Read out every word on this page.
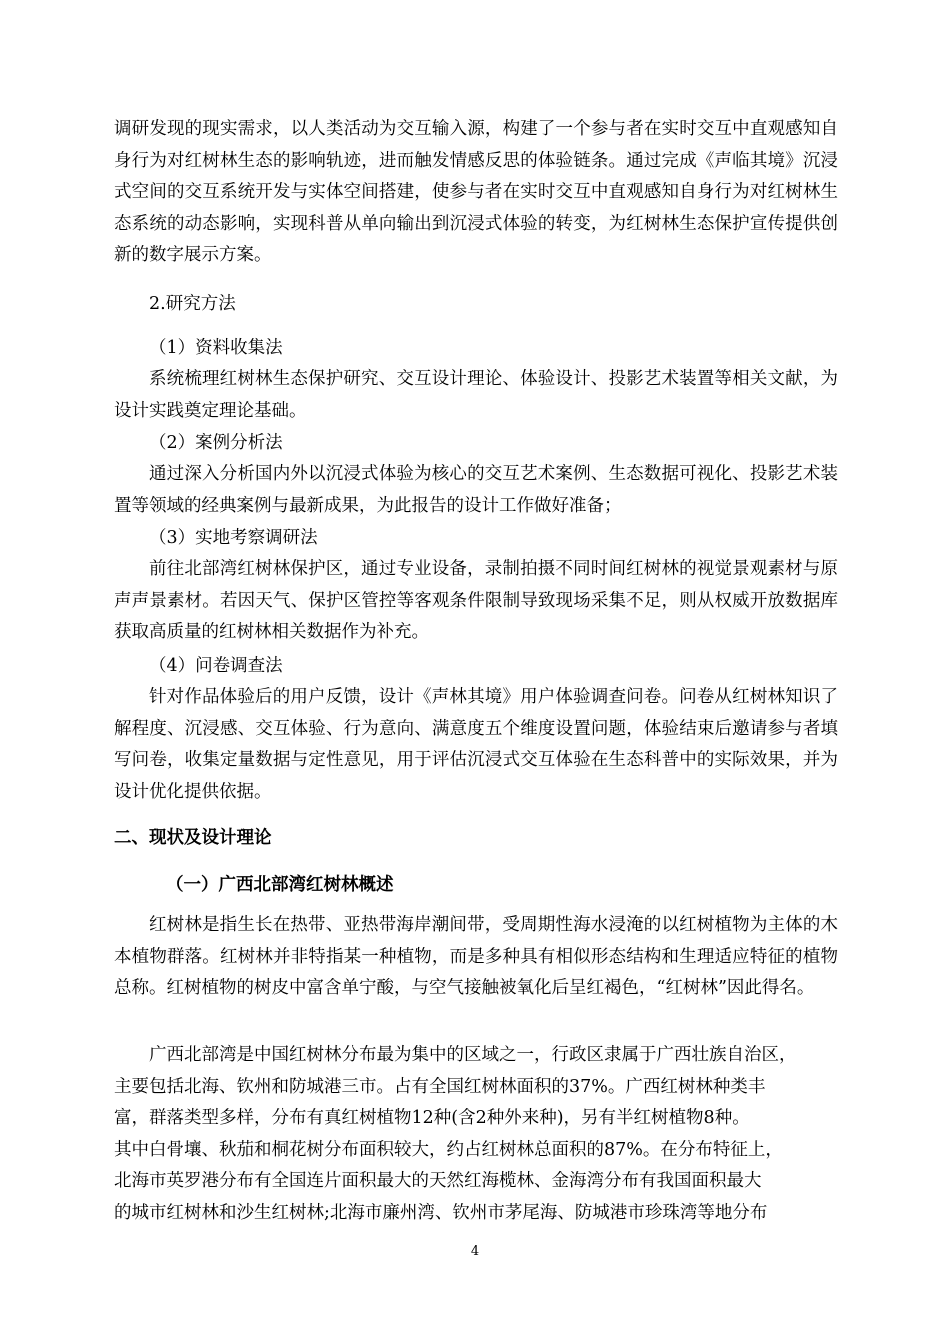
调研发现的现实需求，以人类活动为交互输入源，构建了一个参与者在实时交互中直观感知自身行为对红树林生态的影响轨迹，进而触发情感反思的体验链条。通过完成《声临其境》沉浸式空间的交互系统开发与实体空间搭建，使参与者在实时交互中直观感知自身行为对红树林生态系统的动态影响，实现科普从单向输出到沉浸式体验的转变，为红树林生态保护宣传提供创新的数字展示方案。

2.研究方法

（1）资料收集法

系统梳理红树林生态保护研究、交互设计理论、体验设计、投影艺术装置等相关文献，为设计实践奠定理论基础。

（2）案例分析法

通过深入分析国内外以沉浸式体验为核心的交互艺术案例、生态数据可视化、投影艺术装置等领域的经典案例与最新成果，为此报告的设计工作做好准备；

（3）实地考察调研法

前往北部湾红树林保护区，通过专业设备，录制拍摄不同时间红树林的视觉景观素材与原声声景素材。若因天气、保护区管控等客观条件限制导致现场采集不足，则从权威开放数据库获取高质量的红树林相关数据作为补充。

（4）问卷调查法

针对作品体验后的用户反馈，设计《声林其境》用户体验调查问卷。问卷从红树林知识了解程度、沉浸感、交互体验、行为意向、满意度五个维度设置问题，体验结束后邀请参与者填写问卷，收集定量数据与定性意见，用于评估沉浸式交互体验在生态科普中的实际效果，并为设计优化提供依据。

二、现状及设计理论

（一）广西北部湾红树林概述

红树林是指生长在热带、亚热带海岸潮间带，受周期性海水浸淹的以红树植物为主体的木本植物群落。红树林并非特指某一种植物，而是多种具有相似形态结构和生理适应特征的植物总称。红树植物的树皮中富含单宁酸，与空气接触被氧化后呈红褐色，“红树林”因此得名。

广西北部湾是中国红树林分布最为集中的区域之一，行政区隶属于广西壮族自治区，
主要包括北海、钦州和防城港三市。占有全国红树林面积的37%。广西红树林种类丰
富，群落类型多样，分布有真红树植物12种(含2种外来种)，另有半红树植物8种。
其中白骨壤、秋茄和桐花树分布面积较大，约占红树林总面积的87%。在分布特征上，
北海市英罗港分布有全国连片面积最大的天然红海榄林、金海湾分布有我国面积最大
的城市红树林和沙生红树林;北海市廉州湾、钦州市茅尾海、防城港市珍珠湾等地分布
4
